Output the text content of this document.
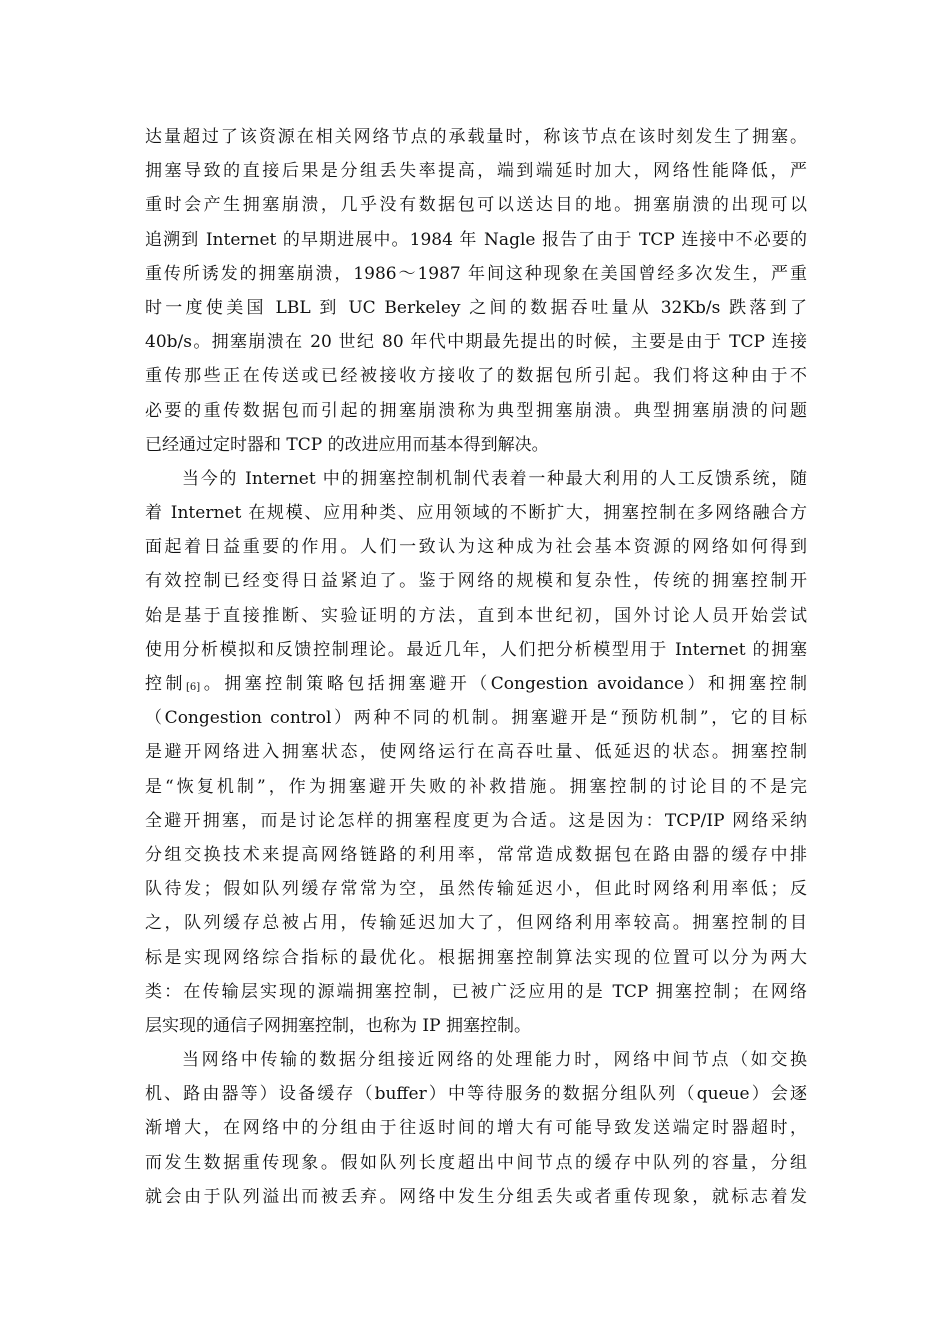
达量超过了该资源在相关网络节点的承载量时，称该节点在该时刻发生了拥塞。
拥塞导致的直接后果是分组丢失率提高，端到端延时加大，网络性能降低，严
重时会产生拥塞崩溃，几乎没有数据包可以送达目的地。拥塞崩溃的出现可以
追溯到 Internet 的早期进展中。1984 年 Nagle 报告了由于 TCP 连接中不必要的
重传所诱发的拥塞崩溃，1986～1987 年间这种现象在美国曾经多次发生，严重
时一度使美国 LBL 到 UC Berkeley 之间的数据吞吐量从 32Kb/s 跌落到了
40b/s。拥塞崩溃在 20 世纪 80 年代中期最先提出的时候，主要是由于 TCP 连接
重传那些正在传送或已经被接收方接收了的数据包所引起。我们将这种由于不
必要的重传数据包而引起的拥塞崩溃称为典型拥塞崩溃。典型拥塞崩溃的问题
已经通过定时器和 TCP 的改进应用而基本得到解决。
当今的 Internet 中的拥塞控制机制代表着一种最大利用的人工反馈系统，随
着 Internet 在规模、应用种类、应用领域的不断扩大，拥塞控制在多网络融合方
面起着日益重要的作用。人们一致认为这种成为社会基本资源的网络如何得到
有效控制已经变得日益紧迫了。鉴于网络的规模和复杂性，传统的拥塞控制开
始是基于直接推断、实验证明的方法，直到本世纪初，国外讨论人员开始尝试
使用分析模拟和反馈控制理论。最近几年，人们把分析模型用于 Internet 的拥塞
控制[6]。拥塞控制策略包括拥塞避开（Congestion avoidance）和拥塞控制
（Congestion control）两种不同的机制。拥塞避开是“预防机制”，它的目标
是避开网络进入拥塞状态，使网络运行在高吞吐量、低延迟的状态。拥塞控制
是“恢复机制”，作为拥塞避开失败的补救措施。拥塞控制的讨论目的不是完
全避开拥塞，而是讨论怎样的拥塞程度更为合适。这是因为：TCP/IP 网络采纳
分组交换技术来提高网络链路的利用率，常常造成数据包在路由器的缓存中排
队待发；假如队列缓存常常为空，虽然传输延迟小，但此时网络利用率低；反
之，队列缓存总被占用，传输延迟加大了，但网络利用率较高。拥塞控制的目
标是实现网络综合指标的最优化。根据拥塞控制算法实现的位置可以分为两大
类：在传输层实现的源端拥塞控制，已被广泛应用的是 TCP 拥塞控制；在网络
层实现的通信子网拥塞控制，也称为 IP 拥塞控制。
当网络中传输的数据分组接近网络的处理能力时，网络中间节点（如交换
机、路由器等）设备缓存（buffer）中等待服务的数据分组队列（queue）会逐
渐增大，在网络中的分组由于往返时间的增大有可能导致发送端定时器超时，
而发生数据重传现象。假如队列长度超出中间节点的缓存中队列的容量，分组
就会由于队列溢出而被丢弃。网络中发生分组丢失或者重传现象，就标志着发
